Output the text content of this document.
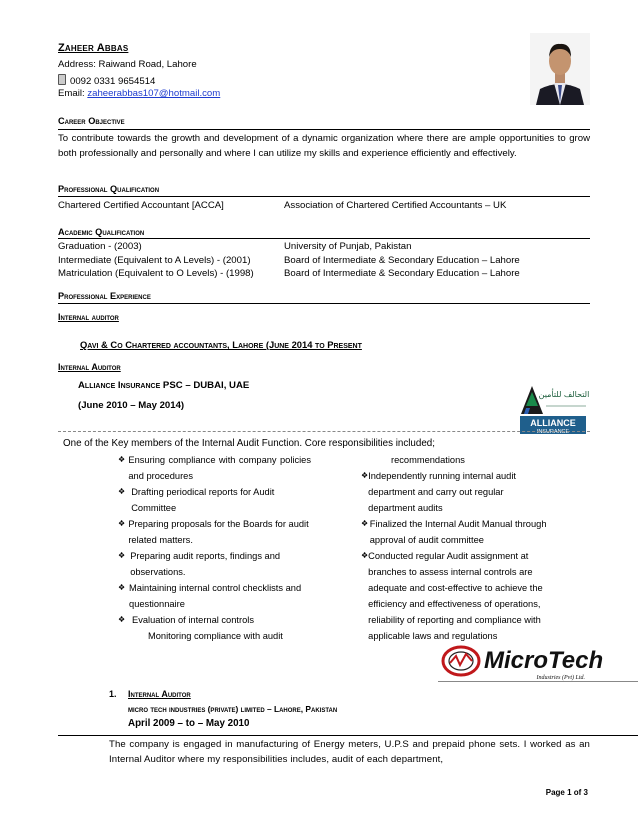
Zaheer Abbas
Address: Raiwand Road, Lahore
0092 0331 9654514
Email: zaheerabbas107@hotmail.com
Career Objective
To contribute towards the growth and development of a dynamic organization where there are ample opportunities to grow both professionally and personally and where I can utilize my skills and experience efficiently and effectively.
Professional Qualification
Chartered Certified Accountant [ACCA]	Association of Chartered Certified Accountants – UK
Academic Qualification
Graduation - (2003)	University of Punjab, Pakistan
Intermediate (Equivalent to A Levels) - (2001)	Board of Intermediate & Secondary Education – Lahore
Matriculation (Equivalent to O Levels) - (1998)	Board of Intermediate & Secondary Education – Lahore
Professional Experience
Internal auditor
Qavi & Co Chartered accountants, Lahore (June 2014 to Present
Internal Auditor
Alliance Insurance PSC – DUBAI, UAE
(June 2010 – May 2014)
التحالف للتأمين
ALLIANCE
INSURANCE
One of the Key members of the Internal Audit Function. Core responsibilities included;
❖ Ensuring compliance with company policies and procedures
❖ Drafting periodical reports for Audit Committee
❖ Preparing proposals for the Boards for audit related matters.
❖ Preparing audit reports, findings and observations.
❖ Maintaining internal control checklists and questionnaire
❖ Evaluation of internal controls
Monitoring compliance with audit
recommendations
❖ Independently running internal audit department and carry out regular department audits
❖ Finalized the Internal Audit Manual through approval of audit committee
❖ Conducted regular Audit assignment at branches to assess internal controls are adequate and cost-effective to achieve the efficiency and effectiveness of operations, reliability of reporting and compliance with applicable laws and regulations
MicroTech
Industries (Pvt) Ltd.
1. Internal Auditor
micro tech industries (private) limited – Lahore, Pakistan
April 2009 – to – May 2010
The company is engaged in manufacturing of Energy meters, U.P.S and prepaid phone sets. I worked as an Internal Auditor where my responsibilities includes, audit of each department,
Page 1 of 3
